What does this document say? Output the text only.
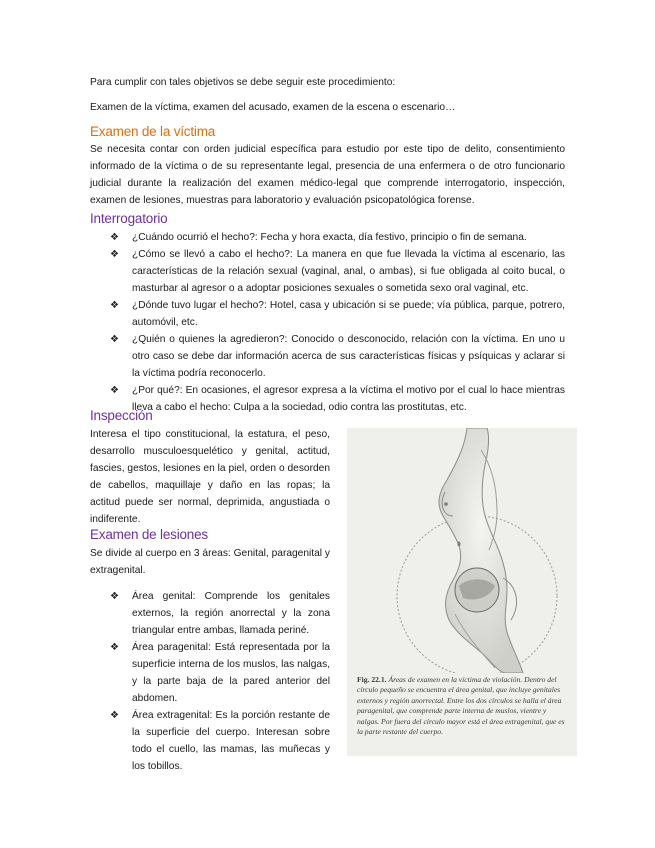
Para cumplir con tales objetivos se debe seguir este procedimiento:

Examen de la víctima, examen del acusado, examen de la escena o escenario…

Examen de la víctima

Se necesita contar con orden judicial específica para estudio por este tipo de delito, consentimiento informado de la víctima o de su representante legal, presencia de una enfermera o de otro funcionario judicial durante la realización del examen médico-legal que comprende interrogatorio, inspección, examen de lesiones, muestras para laboratorio y evaluación psicopatológica forense.

Interrogatorio
❖ ¿Cuándo ocurrió el hecho?: Fecha y hora exacta, día festivo, principio o fin de semana.
❖ ¿Cómo se llevó a cabo el hecho?: La manera en que fue llevada la víctima al escenario, las características de la relación sexual (vaginal, anal, o ambas), si fue obligada al coito bucal, o masturbar al agresor o a adoptar posiciones sexuales o sometida sexo oral vaginal, etc.
❖ ¿Dónde tuvo lugar el hecho?: Hotel, casa y ubicación si se puede; vía pública, parque, potrero, automóvil, etc.
❖ ¿Quién o quienes la agredieron?: Conocido o desconocido, relación con la víctima. En uno u otro caso se debe dar información acerca de sus características físicas y psíquicas y aclarar si la víctima podría reconocerlo.
❖ ¿Por qué?: En ocasiones, el agresor expresa a la víctima el motivo por el cual lo hace mientras lleva a cabo el hecho: Culpa a la sociedad, odio contra las prostitutas, etc.
Inspección

Interesa el tipo constitucional, la estatura, el peso, desarrollo musculoesquelético y genital, actitud, fascies, gestos, lesiones en la piel, orden o desorden de cabellos, maquillaje y daño en las ropas; la actitud puede ser normal, deprimida, angustiada o indiferente.

Examen de lesiones

Se divide al cuerpo en 3 áreas: Genital, paragenital y extragenital.

❖ Área genital: Comprende los genitales externos, la región anorrectal y la zona triangular entre ambas, llamada periné.
❖ Área paragenital: Está representada por la superficie interna de los muslos, las nalgas, y la parte baja de la pared anterior del abdomen.
❖ Área extragenital: Es la porción restante de la superficie del cuerpo. Interesan sobre todo el cuello, las mamas, las muñecas y los tobillos.

Fig. 22.1. Áreas de examen en la víctima de violación. Dentro del círculo pequeño se encuentra el área genital, que incluye genitales externos y región anorrectal. Entre los dos círculos se halla el área paragenital, que comprende parte interna de muslos, vientre y nalgas. Por fuera del círculo mayor está el área extragenital, que es la parte restante del cuerpo.
